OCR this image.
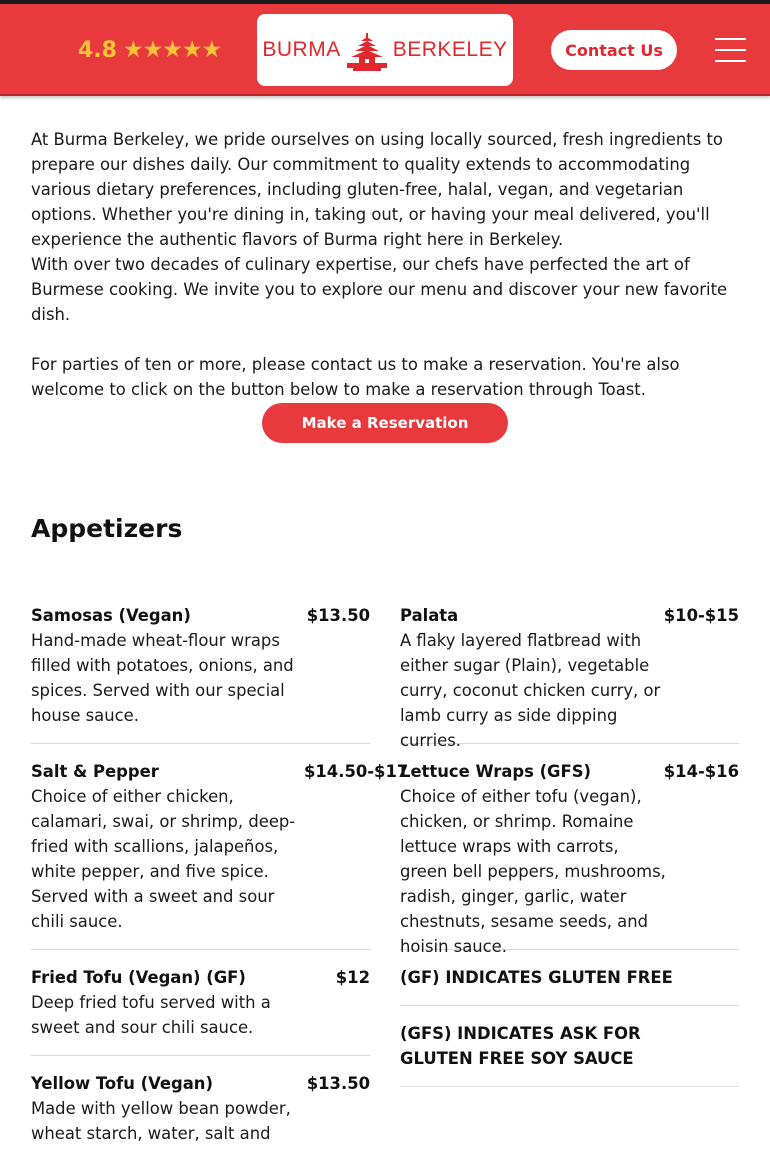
4.8 ★ ★ ★ ★ ★ BURMA BERKELEY	Contact Us

At Burma Berkeley, we pride ourselves on using locally sourced, fresh ingredients to prepare our dishes daily. Our commitment to quality extends to accommodating various dietary preferences, including gluten-free, halal, vegan, and vegetarian options. Whether you're dining in, taking out, or having your meal delivered, you'll experience the authentic flavors of Burma right here in Berkeley.

With over two decades of culinary expertise, our chefs have perfected the art of Burmese cooking. We invite you to explore our menu and discover your new favorite dish.

For parties of ten or more, please contact us to make a reservation. You're also welcome to click on the button below to make a reservation through Toast.

Make a Reservation
Appetizers
Samosas (Vegan)
Hand-made wheat-flour wraps filled with potatoes, onions, and spices. Served with our special house sauce.
$13.50
Salt & Pepper
Choice of either chicken, calamari, swai, or shrimp, deep-fried with scallions, jalapeños, white pepper, and five spice. Served with a sweet and sour chili sauce.
$14.50-$17
Fried Tofu (Vegan) (GF)
Deep fried tofu served with a sweet and sour chili sauce.
$12
Yellow Tofu (Vegan)
Made with yellow bean powder, wheat starch, water, salt and
$13.50
Palata
A flaky layered flatbread with either sugar (Plain), vegetable curry, coconut chicken curry, or lamb curry as side dipping curries.
$10-$15
Lettuce Wraps (GFS)
Choice of either tofu (vegan), chicken, or shrimp. Romaine lettuce wraps with carrots, green bell peppers, mushrooms, radish, ginger, garlic, water chestnuts, sesame seeds, and hoisin sauce.
$14-$16
(GF) INDICATES GLUTEN FREE
(GFS) INDICATES ASK FOR GLUTEN FREE SOY SAUCE
